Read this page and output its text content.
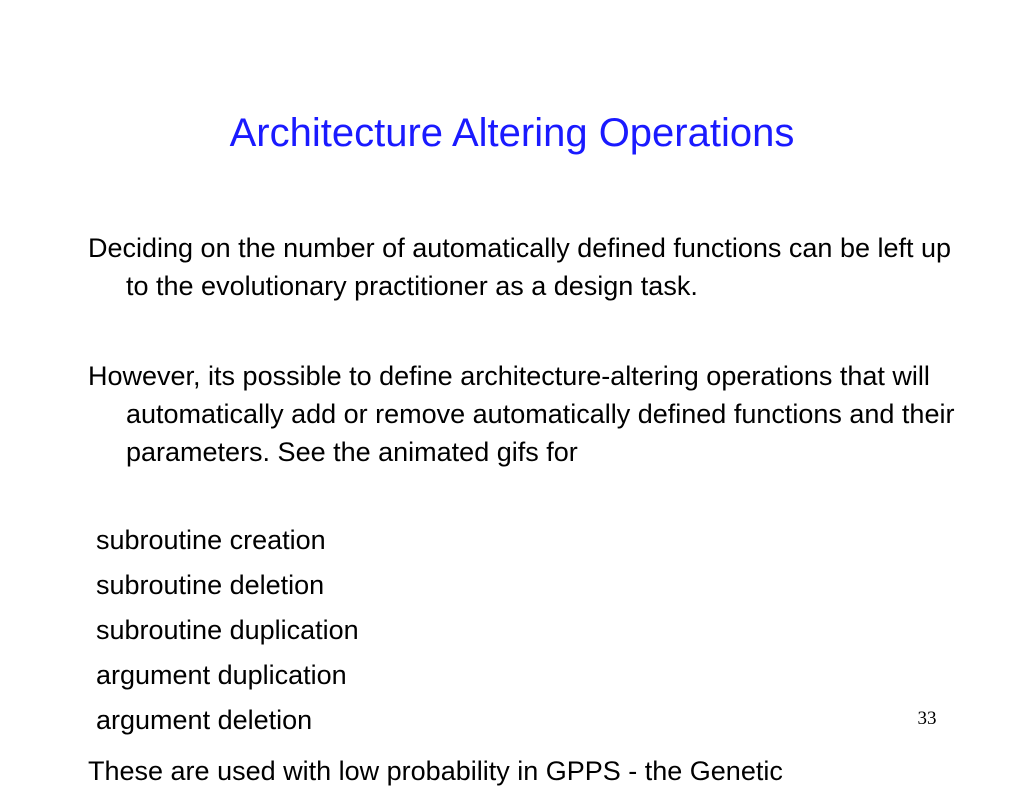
Architecture Altering Operations

Deciding on the number of automatically defined functions can be left up to the evolutionary practitioner as a design task.

However, its possible to define architecture-altering operations that will automatically add or remove automatically defined functions and their parameters. See the animated gifs for

subroutine creation
subroutine deletion
subroutine duplication
argument duplication
argument deletion	33

These are used with low probability in GPPS - the Genetic
